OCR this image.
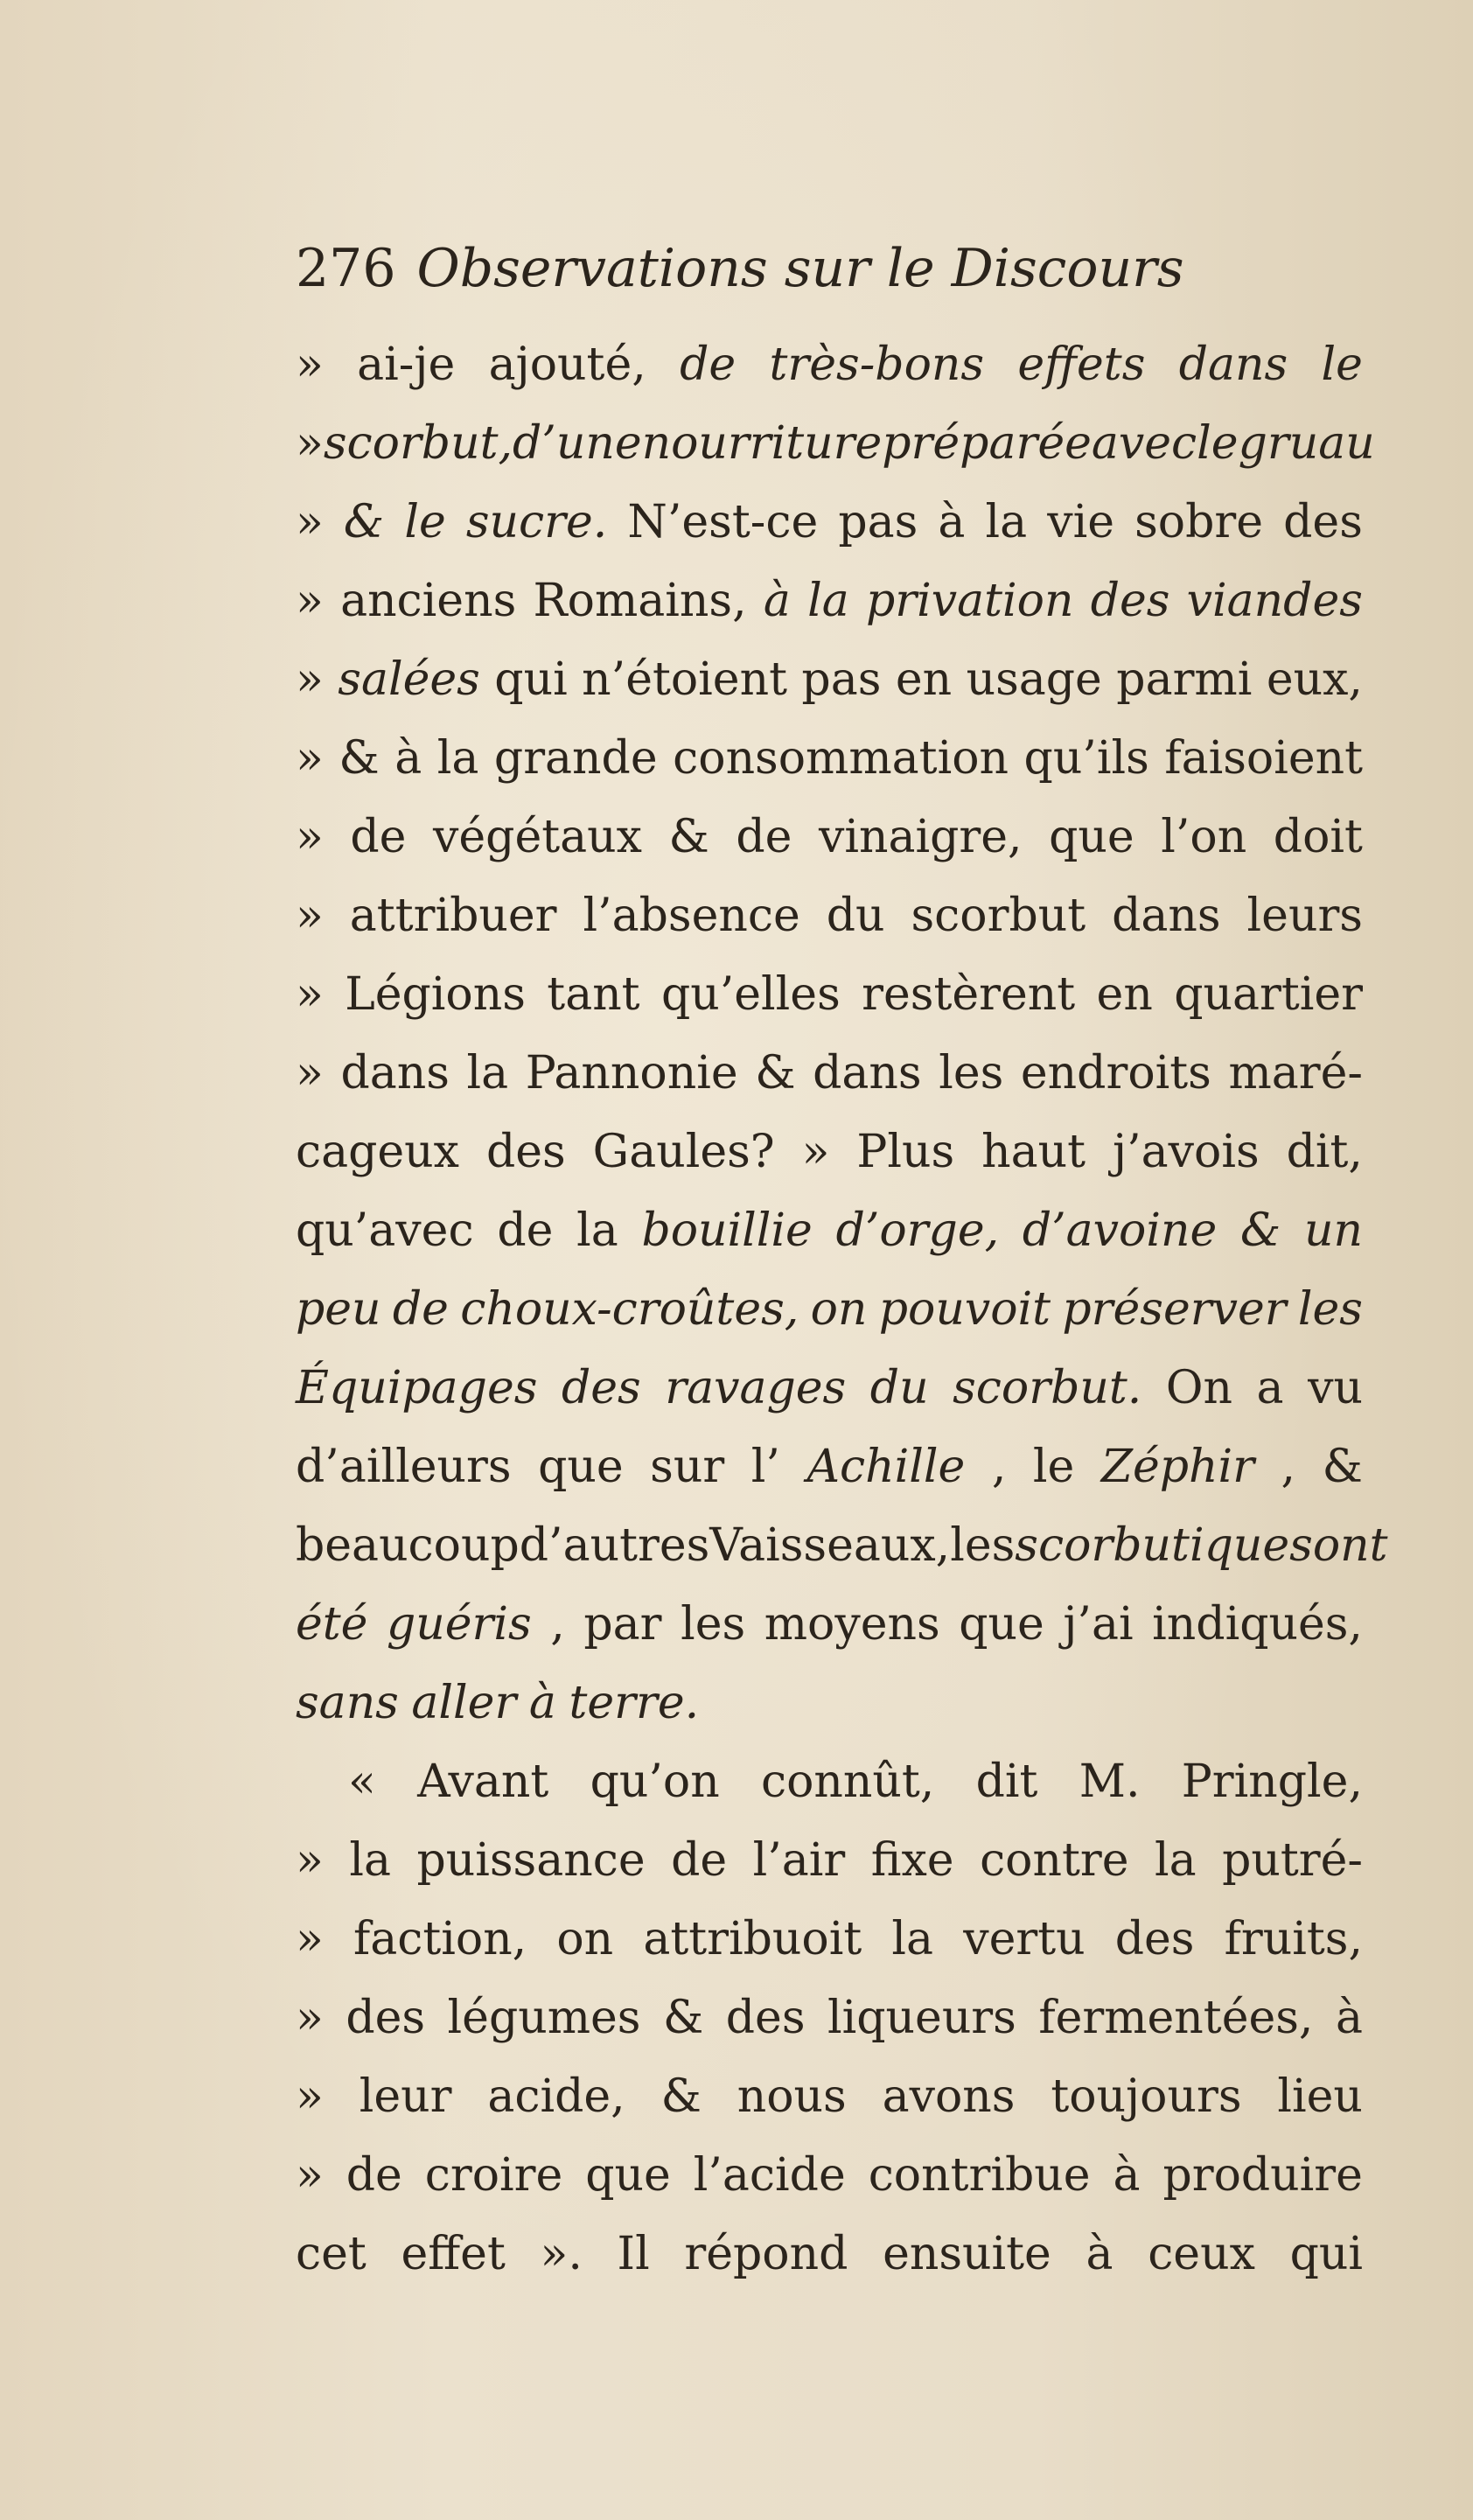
276 Observations sur le Discours
» ai-je ajouté, de très-bons effets dans le
» scorbut, d’une nourriture préparée avec le gruau
» & le sucre. N’est-ce pas à la vie sobre des
» anciens Romains, à la privation des viandes
» salées qui n’étoient pas en usage parmi eux,
» & à la grande consommation qu’ils faisoient
» de végétaux & de vinaigre, que l’on doit
» attribuer l’absence du scorbut dans leurs
» Légions tant qu’elles restèrent en quartier
» dans la Pannonie & dans les endroits maré-
cageux des Gaules? » Plus haut j’avois dit,
qu’avec de la bouillie d’orge, d’avoine & un
peu de choux-croûtes, on pouvoit préserver les
Équipages des ravages du scorbut. On a vu
d’ailleurs que sur l’ Achille , le Zéphir , &
beaucoup d’autres Vaisseaux, les scorbutiques ont
été guéris , par les moyens que j’ai indiqués,
sans aller à terre.
« Avant qu’on connût, dit M. Pringle,
» la puissance de l’air fixe contre la putré-
» faction, on attribuoit la vertu des fruits,
» des légumes & des liqueurs fermentées, à
» leur acide, & nous avons toujours lieu
» de croire que l’acide contribue à produire
cet effet ». Il répond ensuite à ceux qui
